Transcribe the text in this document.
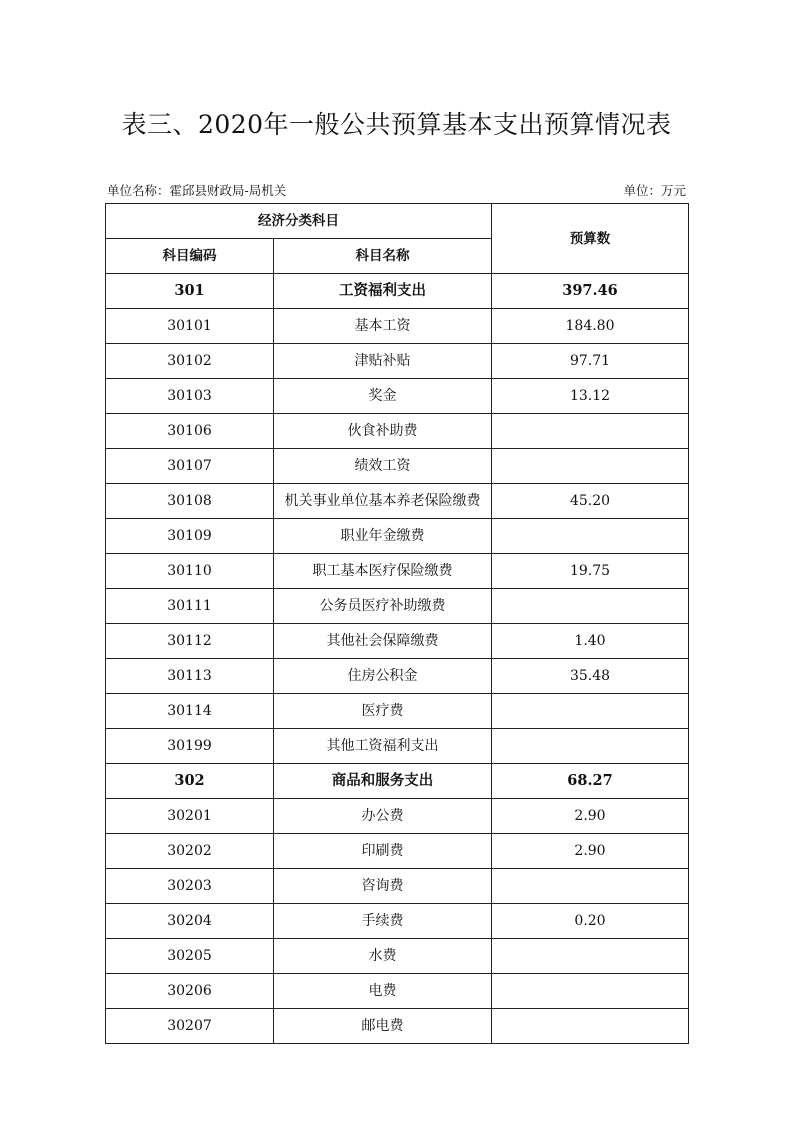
表三、2020年一般公共预算基本支出预算情况表
单位名称：霍邱县财政局-局机关	单位：万元
经济分类科目		预算数
科目编码	科目名称	
301	工资福利支出	397.46
30101	基本工资	184.80
30102	津贴补贴	97.71
30103	奖金	13.12
30106	伙食补助费	
30107	绩效工资	
30108	机关事业单位基本养老保险缴费	45.20
30109	职业年金缴费	
30110	职工基本医疗保险缴费	19.75
30111	公务员医疗补助缴费	
30112	其他社会保障缴费	1.40
30113	住房公积金	35.48
30114	医疗费	
30199	其他工资福利支出	
302	商品和服务支出	68.27
30201	办公费	2.90
30202	印刷费	2.90
30203	咨询费	
30204	手续费	0.20
30205	水费	
30206	电费	
30207	邮电费	
